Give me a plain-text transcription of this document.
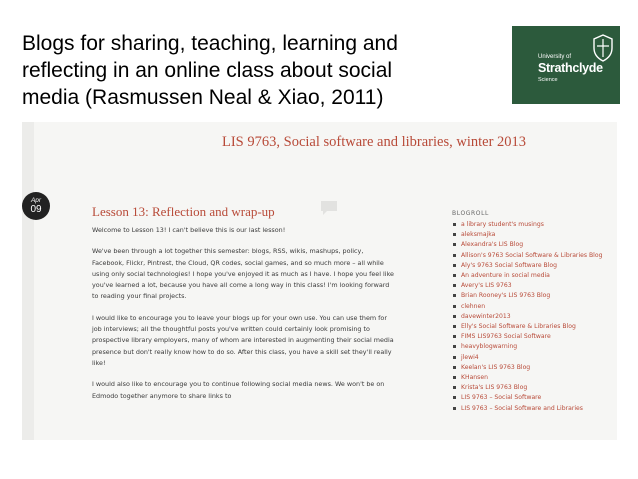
Blogs for sharing, teaching, learning and
reflecting in an online class about social
media (Rasmussen Neal & Xiao, 2011)
University of
Strathclyde
Science
LIS 9763, Social software and libraries, winter 2013
Apr
09	Lesson 13: Reflection and wrap-up

Welcome to Lesson 13! I can't believe this is our last lesson!

We've been through a lot together this semester: blogs, RSS, wikis, mashups, policy, Facebook, Flickr, Pintrest, the Cloud, QR codes, social games, and so much more – all while using only social technologies! I hope you've enjoyed it as much as I have. I hope you feel like you've learned a lot, because you have all come a long way in this class! I'm looking forward to reading your final projects.

I would like to encourage you to leave your blogs up for your own use. You can use them for job interviews; all the thoughtful posts you've written could certainly look promising to prospective library employers, many of whom are interested in augmenting their social media presence but don't really know how to do so. After this class, you have a skill set they'll really like!

I would also like to encourage you to continue following social media news. We won't be on Edmodo together anymore to share links to

BLOGROLL
a library student's musings
aleksmajka
Alexandra's LIS Blog
Allison's 9763 Social Software & Libraries Blog
Aly's 9763 Social Software Blog
An adventure in social media
Avery's LIS 9763
Brian Rooney's LIS 9763 Blog
clehnen
davewinter2013
Elly's Social Software & Libraries Blog
FIMS LIS9763 Social Software
heavyblogwarning
jlewi4
Keelan's LIS 9763 Blog
KHansen
Krista's LIS 9763 Blog
LIS 9763 – Social Software
LIS 9763 – Social Software and Libraries
